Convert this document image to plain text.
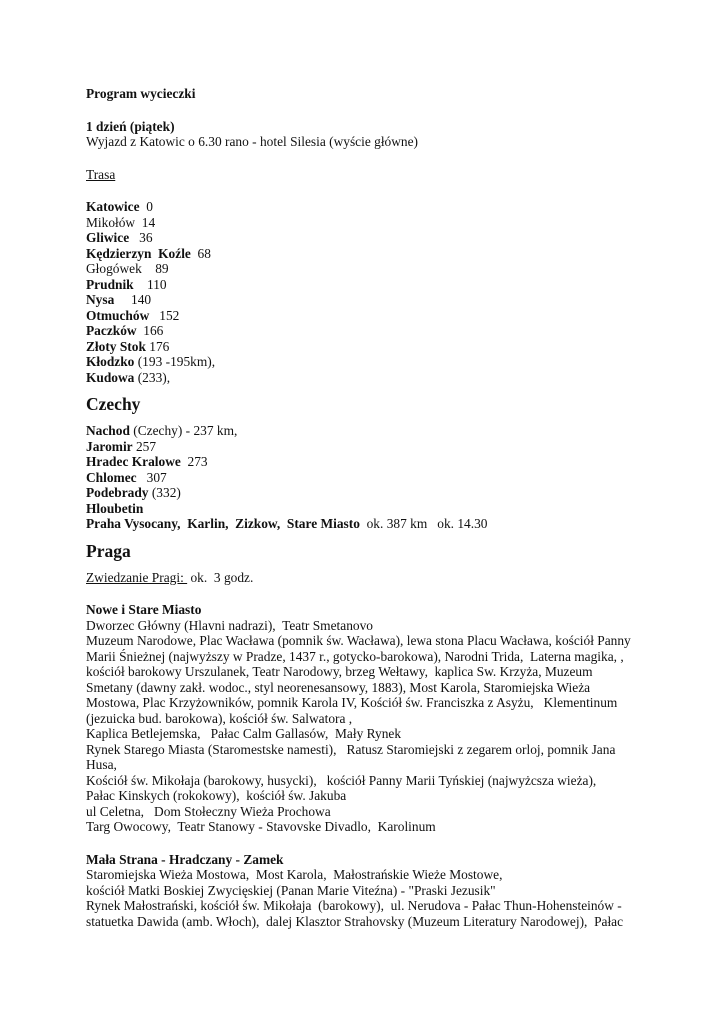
Program wycieczki
1 dzień (piątek)
Wyjazd z Katowic o 6.30 rano - hotel Silesia (wyście główne)
Trasa
Katowice  0
Mikołów  14
Gliwice   36
Kędzierzyn  Koźle  68
Głogówek    89
Prudnik    110
Nysa     140
Otmuchów   152
Paczków  166
Złoty Stok 176
Kłodzko (193 -195km),
Kudowa (233),
Czechy
Nachod (Czechy) - 237 km,
Jaromir 257
Hradec Kralowe  273
Chlomec   307
Podebrady (332)
Hloubetin
Praha Vysocany,  Karlin,  Zizkow,  Stare Miasto  ok. 387 km   ok. 14.30
Praga
Zwiedzanie Pragi:  ok.  3 godz.
Nowe i Stare Miasto
Dworzec Główny (Hlavni nadrazi),  Teatr Smetanovo
Muzeum Narodowe, Plac Wacława (pomnik św. Wacława), lewa stona Placu Wacława, kościół Panny
Marii Śnieżnej (najwyższy w Pradze, 1437 r., gotycko-barokowa), Narodni Trida,  Laterna magika, ,
kościół barokowy Urszulanek, Teatr Narodowy, brzeg Wełtawy,  kaplica Sw. Krzyża, Muzeum
Smetany (dawny zakł. wodoc., styl neorenesansowy, 1883), Most Karola, Staromiejska Wieża
Mostowa, Plac Krzyżowników, pomnik Karola IV, Kościół św. Franciszka z Asyżu,   Klementinum
(jezuicka bud. barokowa), kościół św. Salwatora ,
Kaplica Betlejemska,   Pałac Calm Gallasów,  Mały Rynek
Rynek Starego Miasta (Staromestske namesti),   Ratusz Staromiejski z zegarem orloj, pomnik Jana
Husa,
Kościół św. Mikołaja (barokowy, husycki),   kościół Panny Marii Tyńskiej (najwyżcsza wieża),
Pałac Kinskych (rokokowy),  kościół św. Jakuba
ul Celetna,   Dom Stołeczny Wieża Prochowa
Targ Owocowy,  Teatr Stanowy - Stavovske Divadlo,  Karolinum
Mała Strana - Hradczany - Zamek
Staromiejska Wieża Mostowa,  Most Karola,  Małostrańskie Wieże Mostowe,
kościół Matki Boskiej Zwycięskiej (Panan Marie Viteźna) - "Praski Jezusik"
Rynek Małostrański, kościół św. Mikołaja  (barokowy),  ul. Nerudova - Pałac Thun-Hohensteinów -
statuetka Dawida (amb. Włoch),  dalej Klasztor Strahovsky (Muzeum Literatury Narodowej),  Pałac
